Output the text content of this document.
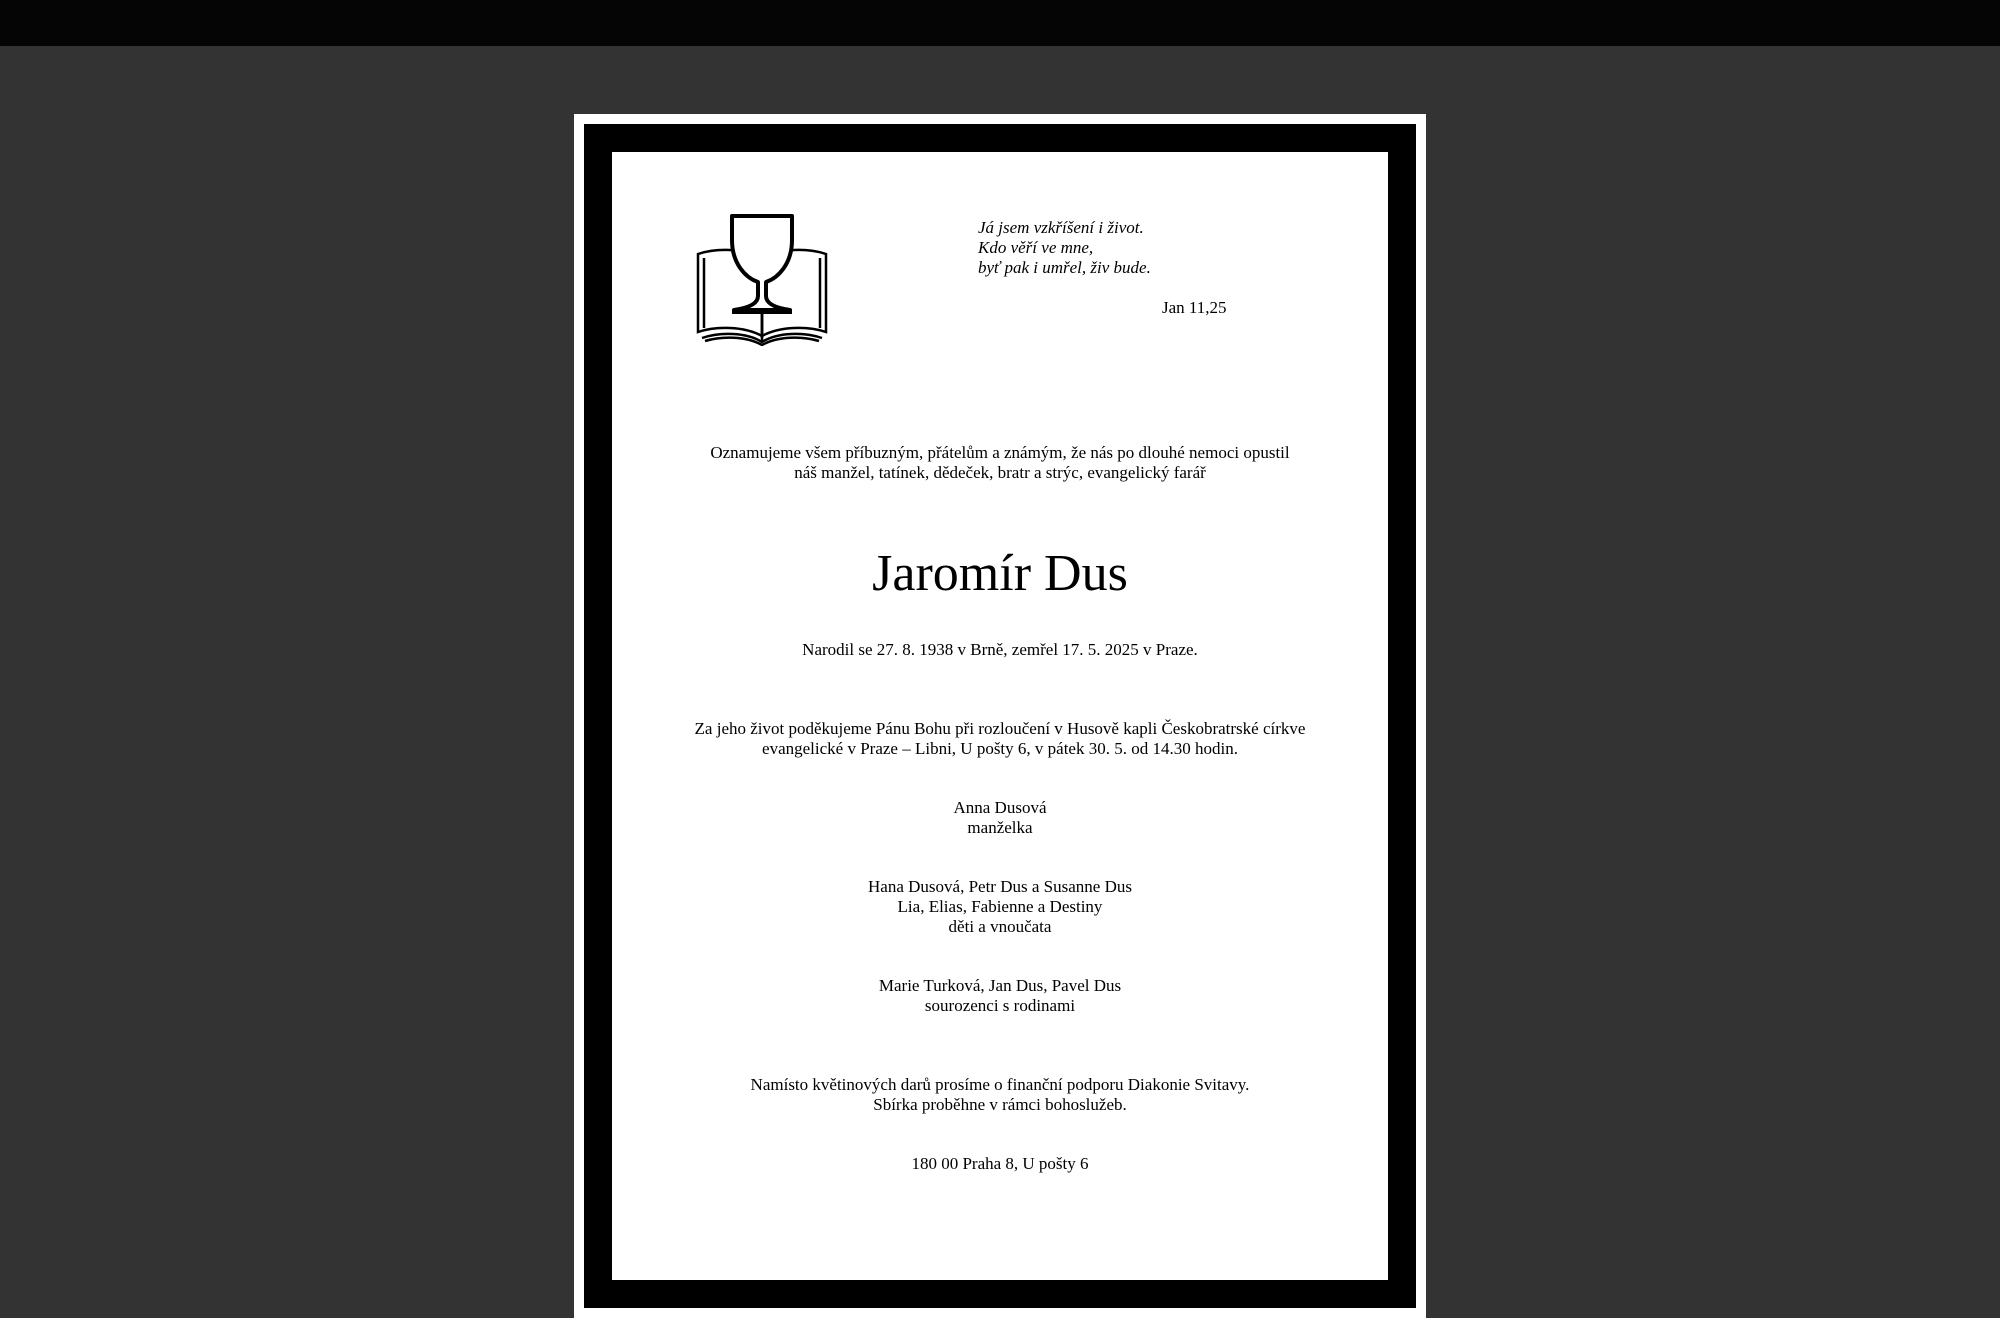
Já jsem vzkříšení i život.
Kdo věří ve mne,
byť pak i umřel, živ bude.
Jan 11,25
Oznamujeme všem příbuzným, přátelům a známým, že nás po dlouhé nemoci opustil
náš manžel, tatínek, dědeček, bratr a strýc, evangelický farář
Jaromír Dus
Narodil se 27. 8. 1938 v Brně, zemřel 17. 5. 2025 v Praze.
Za jeho život poděkujeme Pánu Bohu při rozloučení v Husově kapli Českobratrské církve
evangelické v Praze – Libni, U pošty 6, v pátek 30. 5. od 14.30 hodin.
Anna Dusová
manželka
Hana Dusová, Petr Dus a Susanne Dus
Lia, Elias, Fabienne a Destiny
děti a vnoučata
Marie Turková, Jan Dus, Pavel Dus
sourozenci s rodinami
Namísto květinových darů prosíme o finanční podporu Diakonie Svitavy.
Sbírka proběhne v rámci bohoslužeb.
180 00 Praha 8, U pošty 6
